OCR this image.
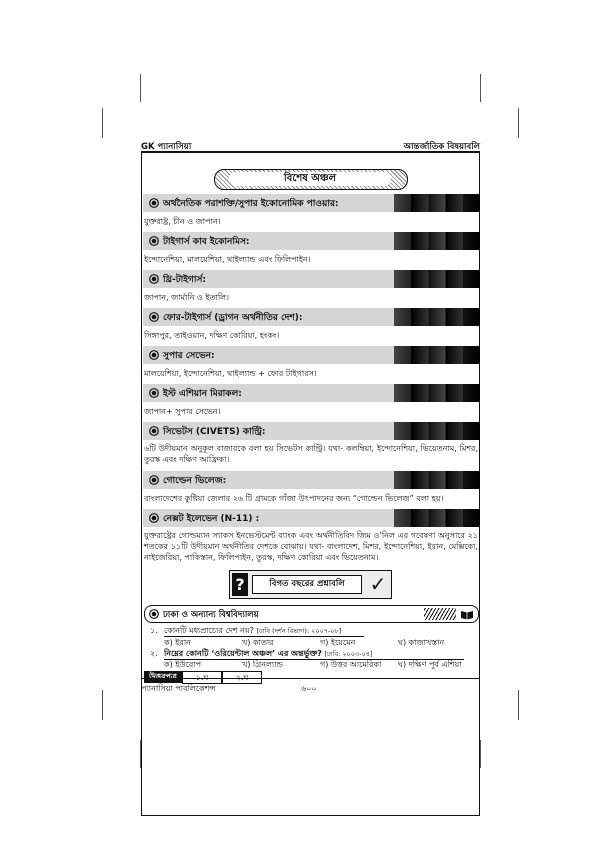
GK প্যানাসিয়া	আন্তর্জাতিক বিষয়াবলি
বিশেষ অঞ্চল
অর্থনৈতিক পরাশক্তি/সুপার ইকোনোমিক পাওয়ার:
যুক্তরাষ্ট্র, চীন ও জাপান।
টাইগার্স কাব ইকোনমিস:
ইন্দোনেশিয়া, মালয়েশিয়া, থাইল্যান্ড এবং ফিলিপাইন।
থ্রি-টাইগার্স:
জাপান, জার্মানি ও ইতালি।
ফোর-টাইগার্স (ড্রাগন অর্থনীতির দেশ):
সিঙ্গাপুর, তাইওয়ান, দক্ষিণ কোরিয়া, হংকং।
সুপার সেভেন:
মালয়েশিয়া, ইন্দোনেশিয়া, থাইল্যান্ড + ফোর টাইগারস।
ইস্ট এশিয়ান মিরাকল:
জাপান+ সুপার সেভেন।
সিভেটস (CIVETS) কান্ট্রি:
৬টি উদীয়মান অনুকূল বাজারকে বলা হয় সিভেটস কান্ট্রি। যথা- কলম্বিয়া, ইন্দোনেশিয়া, ভিয়েতনাম, মিশর, তুরস্ক এবং দক্ষিণ আফ্রিকা।
গোল্ডেন ভিলেজ:
বাংলাদেশের কুষ্টিয়া জেলার ২৬ টি গ্রামকে গাঁজা উৎপাদনের জন্য “গোল্ডেন ভিলেজ” বলা হয়।
নেক্সট ইলেভেন (N-11) :
যুক্তরাষ্ট্রের গোল্ডম্যান স্যাকস ইনভেস্টমেন্ট ব্যাংক এবং অর্থনীতিবিদ জিম ও’নিল এর গবেষণা অনুসারে ২১ শতকের ১১টি উদীয়মান অর্থনীতির দেশকে বোঝায়। যথা- বাংলাদেশ, মিশর, ইন্দোনেশিয়া, ইরান, মেক্সিকো, নাইজেরিয়া, পাকিস্তান, ফিলিপাইন, তুরস্ক, দক্ষিণ কোরিয়া এবং ভিয়েতনাম।
?	বিগত বছরের প্রশ্নাবলি	✓
ঢাকা ও অন্যান্য বিশ্ববিদ্যালয়
১. কোনটি মধ্যপ্রাচ্যের দেশ নয়? [ঢাবি (দর্শন বিভাগ): ২০০৭-০৮]
ক) ইরান	খ) কাতার	গ) ইয়েমেন	ঘ) কাজাখস্তান
২. নিম্নের কোনটি ‘ওরিয়েন্টাল অঞ্চল’ এর অন্তর্ভুক্ত? [ঢাবি: ২০০৩-০৪]
ক) ইউরোপ	খ) গ্রিনল্যান্ড	গ) উত্তর আমেরিকা ঘ) দক্ষিণ পূর্ব এশিয়া
উত্তরপত্র	১.ঘ	২.ঘ
প্যানাসিয়া পাবলিকেশন্স	৬০০
